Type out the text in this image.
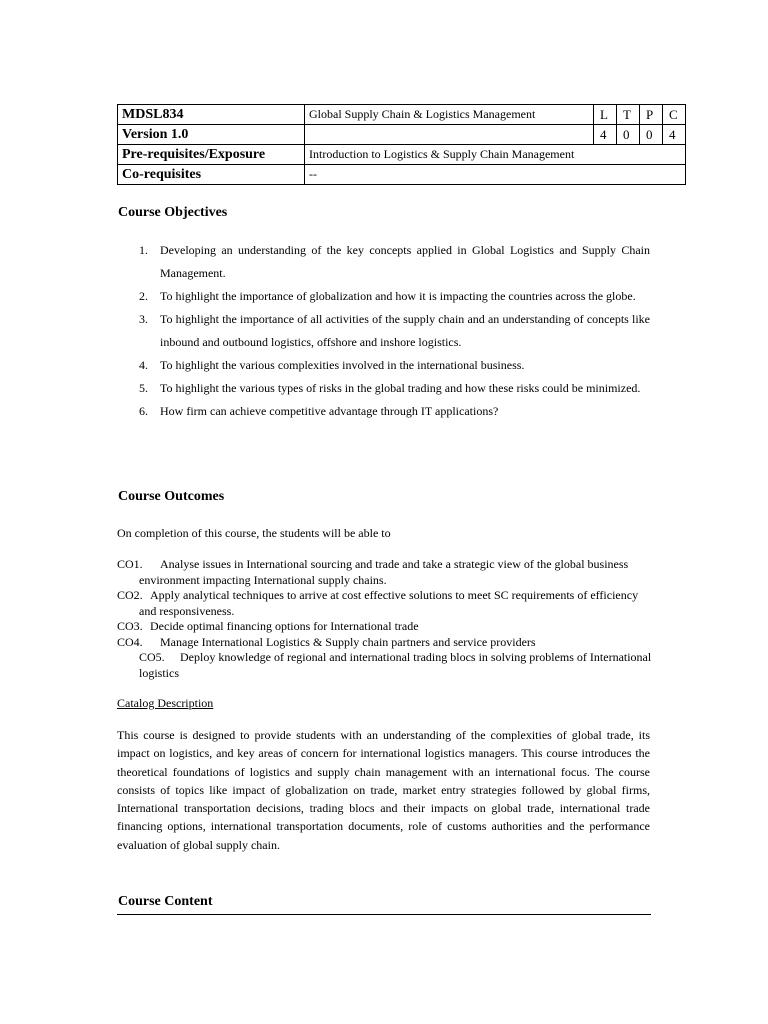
MDSL834	Global Supply Chain & Logistics Management	L	T	P	C
Version 1.0		4	0	0	4
Pre-requisites/Exposure	Introduction to Logistics & Supply Chain Management				
Co-requisites	--				
Course Objectives
1. Developing an understanding of the key concepts applied in Global Logistics and Supply Chain Management.
2. To highlight the importance of globalization and how it is impacting the countries across the globe.
3. To highlight the importance of all activities of the supply chain and an understanding of concepts like inbound and outbound logistics, offshore and inshore logistics.
4. To highlight the various complexities involved in the international business.
5. To highlight the various types of risks in the global trading and how these risks could be minimized.
6. How firm can achieve competitive advantage through IT applications?
Course Outcomes
On completion of this course, the students will be able to
CO1. Analyse issues in International sourcing and trade and take a strategic view of the global business environment impacting International supply chains.
CO2. Apply analytical techniques to arrive at cost effective solutions to meet SC requirements of efficiency and responsiveness.
CO3. Decide optimal financing options for International trade
CO4. Manage International Logistics & Supply chain partners and service providers
CO5. Deploy knowledge of regional and international trading blocs in solving problems of International logistics
Catalog Description

This course is designed to provide students with an understanding of the complexities of global trade, its impact on logistics, and key areas of concern for international logistics managers. This course introduces the theoretical foundations of logistics and supply chain management with an international focus. The course consists of topics like impact of globalization on trade, market entry strategies followed by global firms, International transportation decisions, trading blocs and their impacts on global trade, international trade financing options, international transportation documents, role of customs authorities and the performance evaluation of global supply chain.

Course Content
